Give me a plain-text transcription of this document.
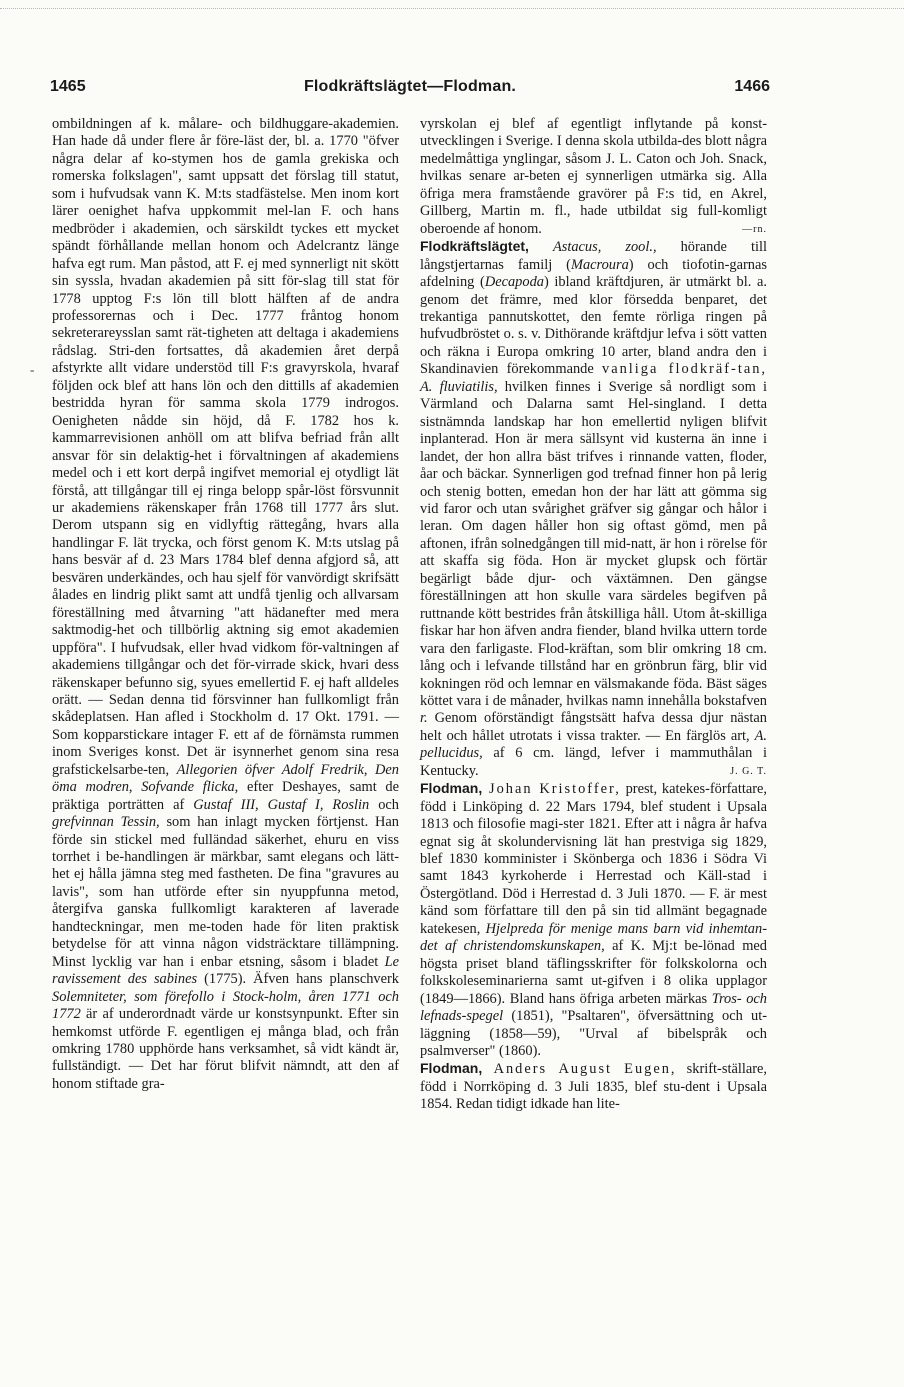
1465	Flodkräftslägtet—Flodman.	1466
-

ombildningen af k. målare- och bildhuggare-akademien. Han hade då under flere år före-läst der, bl. a. 1770 "öfver några delar af ko-stymen hos de gamla grekiska och romerska folkslagen", samt uppsatt det förslag till statut, som i hufvudsak vann K. M:ts stadfästelse. Men inom kort lärer oenighet hafva uppkommit mel-lan F. och hans medbröder i akademien, och särskildt tyckes ett mycket spändt förhållande mellan honom och Adelcrantz länge hafva egt rum. Man påstod, att F. ej med synnerligt nit skött sin syssla, hvadan akademien på sitt för-slag till stat för 1778 upptog F:s lön till blott hälften af de andra professorernas och i Dec. 1777 fråntog honom sekreterareysslan samt rät-tigheten att deltaga i akademiens rådslag. Stri-den fortsattes, då akademien året derpå afstyrkte allt vidare understöd till F:s gravyrskola, hvaraf följden ock blef att hans lön och den dittills af akademien bestridda hyran för samma skola 1779 indrogos. Oenigheten nådde sin höjd, då F. 1782 hos k. kammarrevisionen anhöll om att blifva befriad från allt ansvar för sin delaktig-het i förvaltningen af akademiens medel och i ett kort derpå ingifvet memorial ej otydligt lät förstå, att tillgångar till ej ringa belopp spår-löst försvunnit ur akademiens räkenskaper från 1768 till 1777 års slut. Derom utspann sig en vidlyftig rättegång, hvars alla handlingar F. lät trycka, och först genom K. M:ts utslag på hans besvär af d. 23 Mars 1784 blef denna afgjord så, att besvären underkändes, och hau sjelf för vanvördigt skrifsätt ålades en lindrig plikt samt att undfå tjenlig och allvarsam föreställning med åtvarning "att hädanefter med mera saktmodig-het och tillbörlig aktning sig emot akademien uppföra". I hufvudsak, eller hvad vidkom för-valtningen af akademiens tillgångar och det för-virrade skick, hvari dess räkenskaper befunno sig, syues emellertid F. ej haft alldeles orätt. — Sedan denna tid försvinner han fullkomligt från skådeplatsen. Han afled i Stockholm d. 17 Okt. 1791. — Som kopparstickare intager F. ett af de förnämsta rummen inom Sveriges konst. Det är isynnerhet genom sina resa grafstickelsarbe-ten, Allegorien öfver Adolf Fredrik, Den öma modren, Sofvande flicka, efter Deshayes, samt de präktiga porträtten af Gustaf III, Gustaf I, Roslin och grefvinnan Tessin, som han inlagt mycken förtjenst. Han förde sin stickel med fulländad säkerhet, ehuru en viss torrhet i be-handlingen är märkbar, samt elegans och lätt-het ej hålla jämna steg med fastheten. De fina "gravures au lavis", som han utförde efter sin nyuppfunna metod, återgifva ganska fullkomligt karakteren af laverade handteckningar, men me-toden hade för liten praktisk betydelse för att vinna någon vidsträcktare tillämpning. Minst lycklig var han i enbar etsning, såsom i bladet Le ravissement des sabines (1775). Äfven hans planschverk Solemniteter, som förefollo i Stock-holm, åren 1771 och 1772 är af underordnadt värde ur konstsynpunkt. Efter sin hemkomst utförde F. egentligen ej många blad, och från omkring 1780 upphörde hans verksamhet, så vidt kändt är, fullständigt. — Det har förut blifvit nämndt, att den af honom stiftade gra-

vyrskolan ej blef af egentligt inflytande på konst-utvecklingen i Sverige. I denna skola utbilda-des blott några medelmåttiga ynglingar, såsom J. L. Caton och Joh. Snack, hvilkas senare ar-beten ej synnerligen utmärka sig. Alla öfriga mera framstående gravörer på F:s tid, en Akrel, Gillberg, Martin m. fl., hade utbildat sig full-komligt oberoende af honom.	—rn.

Flodkräftslägtet, Astacus, zool., hörande till långstjertarnas familj (Macroura) och tiofotin-garnas afdelning (Decapoda) ibland kräftdjuren, är utmärkt bl. a. genom det främre, med klor försedda benparet, det trekantiga pannutskottet, den femte rörliga ringen på hufvudbröstet o. s. v. Dithörande kräftdjur lefva i sött vatten och räkna i Europa omkring 10 arter, bland andra den i Skandinavien förekommande vanliga flodkräf-tan, A. fluviatilis, hvilken finnes i Sverige så nordligt som i Värmland och Dalarna samt Hel-singland. I detta sistnämnda landskap har hon emellertid nyligen blifvit inplanterad. Hon är mera sällsynt vid kusterna än inne i landet, der hon allra bäst trifves i rinnande vatten, floder, åar och bäckar. Synnerligen god trefnad finner hon på lerig och stenig botten, emedan hon der har lätt att gömma sig vid faror och utan svårighet gräfver sig gångar och hålor i leran. Om dagen håller hon sig oftast gömd, men på aftonen, ifrån solnedgången till mid-natt, är hon i rörelse för att skaffa sig föda. Hon är mycket glupsk och förtär begärligt både djur- och växtämnen. Den gängse föreställningen att hon skulle vara särdeles begifven på ruttnande kött bestrides från åtskilliga håll. Utom åt-skilliga fiskar har hon äfven andra fiender, bland hvilka uttern torde vara den farligaste. Flod-kräftan, som blir omkring 18 cm. lång och i lefvande tillstånd har en grönbrun färg, blir vid kokningen röd och lemnar en välsmakande föda. Bäst säges köttet vara i de månader, hvilkas namn innehålla bokstafven r. Genom oförständigt fångstsätt hafva dessa djur nästan helt och hållet utrotats i vissa trakter. — En färglös art, A. pellucidus, af 6 cm. längd, lefver i mammuthålan i Kentucky.	J. G. T.

Flodman, Johan Kristoffer, prest, katekes-författare, född i Linköping d. 22 Mars 1794, blef student i Upsala 1813 och filosofie magi-ster 1821. Efter att i några år hafva egnat sig åt skolundervisning lät han prestviga sig 1829, blef 1830 komminister i Skönberga och 1836 i Södra Vi samt 1843 kyrkoherde i Herrestad och Käll-stad i Östergötland. Död i Herrestad d. 3 Juli 1870. — F. är mest känd som författare till den på sin tid allmänt begagnade katekesen, Hjelpreda för menige mans barn vid inhemtan-det af christendomskunskapen, af K. Mj:t be-lönad med högsta priset bland täflingsskrifter för folkskolorna och folkskoleseminarierna samt ut-gifven i 8 olika upplagor (1849—1866). Bland hans öfriga arbeten märkas Tros- och lefnads-spegel (1851), "Psaltaren", öfversättning och ut-läggning (1858—59), "Urval af bibelspråk och psalmverser" (1860).

Flodman, Anders August Eugen, skrift-ställare, född i Norrköping d. 3 Juli 1835, blef stu-dent i Upsala 1854. Redan tidigt idkade han lite-
